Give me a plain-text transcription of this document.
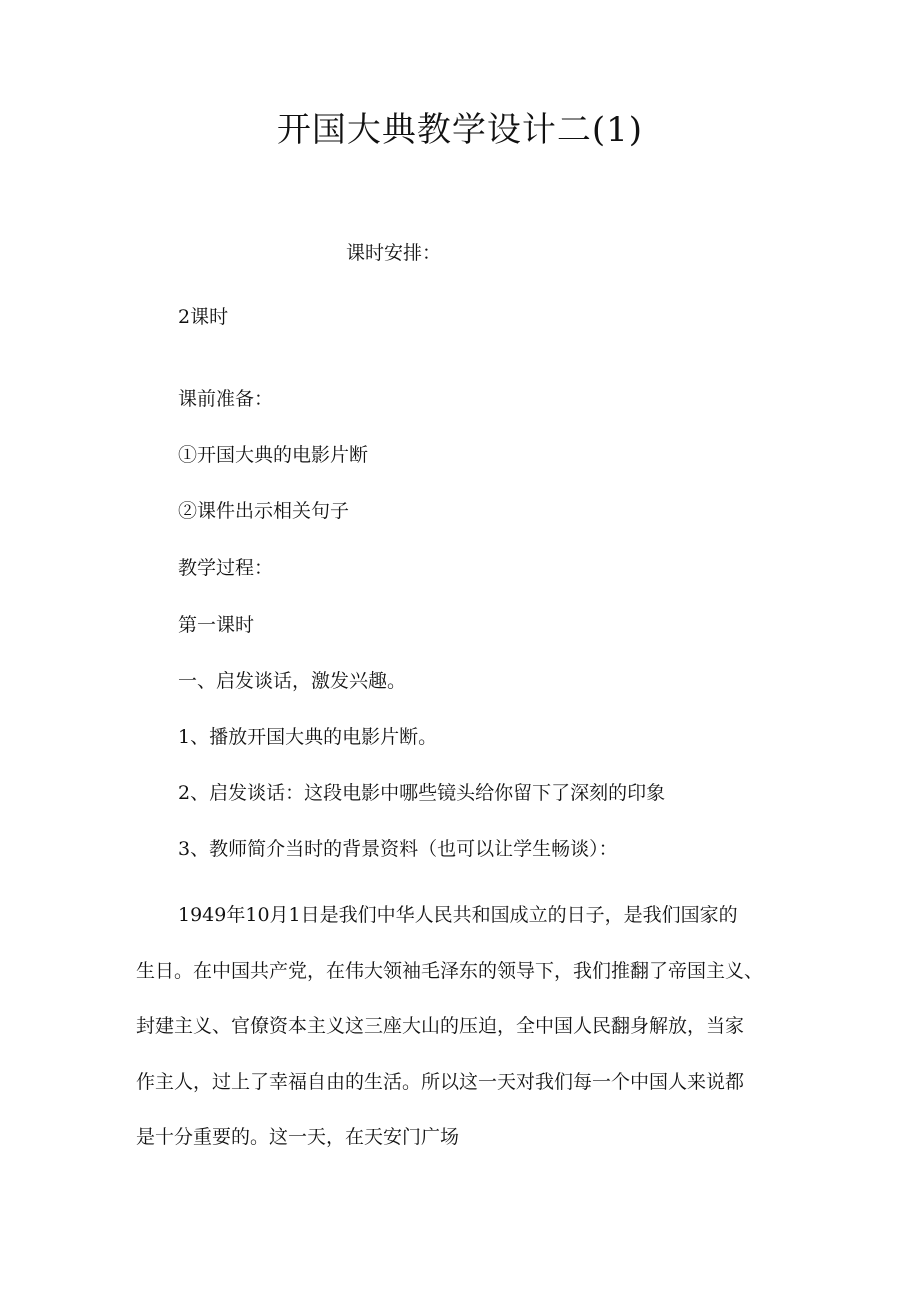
开国大典教学设计二(1)
课时安排：
2课时
课前准备：
①开国大典的电影片断
②课件出示相关句子
教学过程：
第一课时
一、启发谈话，激发兴趣。
1、播放开国大典的电影片断。
2、启发谈话：这段电影中哪些镜头给你留下了深刻的印象
3、教师简介当时的背景资料（也可以让学生畅谈）：
1949年10月1日是我们中华人民共和国成立的日子，是我们国家的
生日。在中国共产党，在伟大领袖毛泽东的领导下，我们推翻了帝国主义、
封建主义、官僚资本主义这三座大山的压迫，全中国人民翻身解放，当家
作主人，过上了幸福自由的生活。所以这一天对我们每一个中国人来说都
是十分重要的。这一天，在天安门广场
